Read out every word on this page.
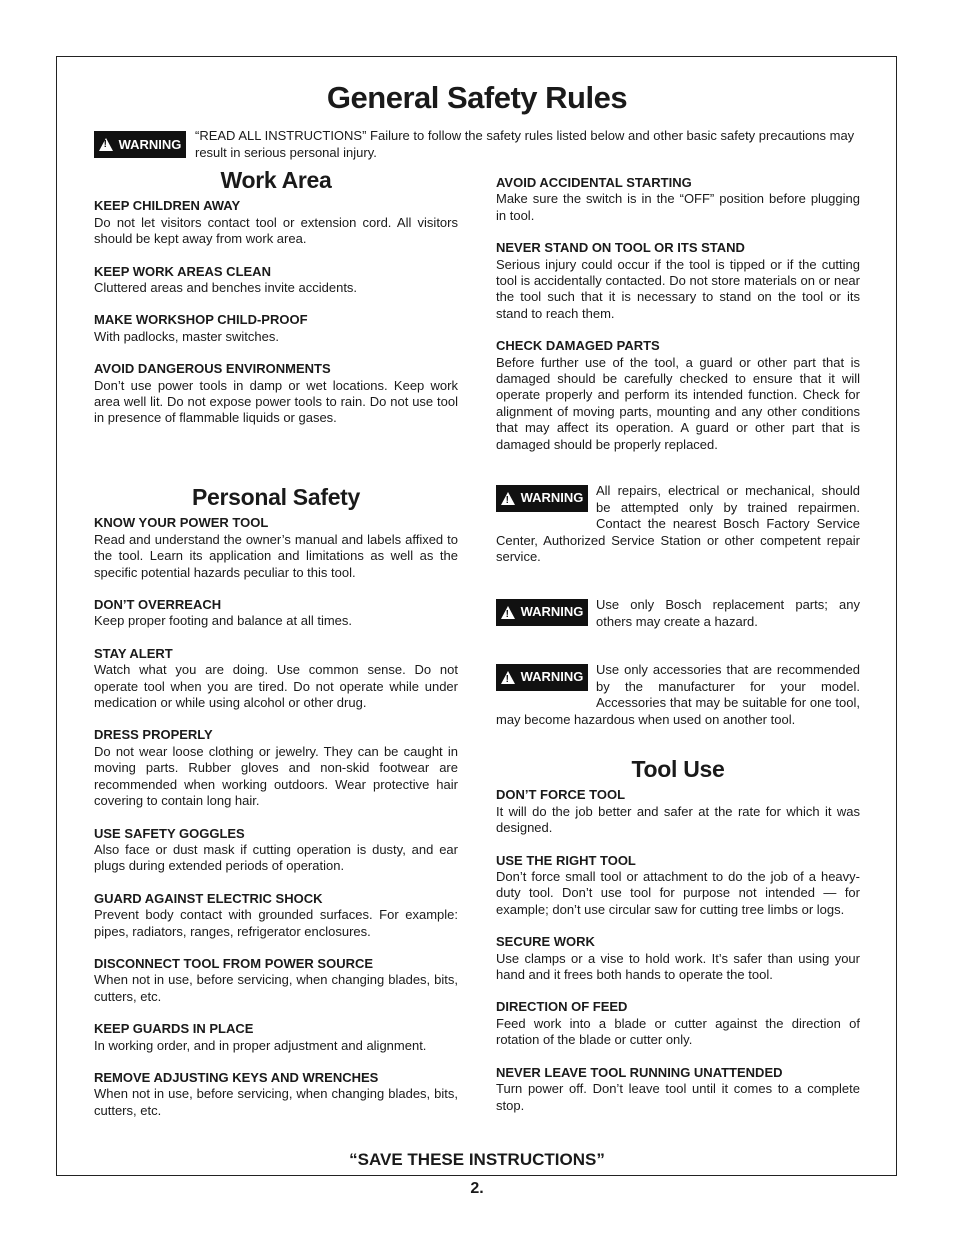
General Safety Rules
!
WARNING
“READ ALL INSTRUCTIONS” Failure to follow the safety rules listed below and other basic safety precautions may result in serious personal injury.
Work Area
KEEP CHILDREN AWAY
Do not let visitors contact tool or extension cord. All visitors should be kept away from work area.
KEEP WORK AREAS CLEAN
Cluttered areas and benches invite accidents.
MAKE WORKSHOP CHILD-PROOF
With padlocks, master switches.
AVOID DANGEROUS ENVIRONMENTS
Don’t use power tools in damp or wet locations. Keep work area well lit. Do not expose power tools to rain. Do not use tool in presence of flammable liquids or gases.
Personal Safety
KNOW YOUR POWER TOOL
Read and understand the owner’s manual and labels affixed to the tool. Learn its application and limitations as well as the specific potential hazards peculiar to this tool.
DON’T OVERREACH
Keep proper footing and balance at all times.
STAY ALERT
Watch what you are doing. Use common sense. Do not operate tool when you are tired. Do not operate while under medication or while using alcohol or other drug.
DRESS PROPERLY
Do not wear loose clothing or jewelry. They can be caught in moving parts. Rubber gloves and non-skid footwear are recommended when working outdoors. Wear protective hair covering to contain long hair.
USE SAFETY GOGGLES
Also face or dust mask if cutting operation is dusty, and ear plugs during extended periods of operation.
GUARD AGAINST ELECTRIC SHOCK
Prevent body contact with grounded surfaces. For example: pipes, radiators, ranges, refrigerator enclosures.
DISCONNECT TOOL FROM POWER SOURCE
When not in use, before servicing, when changing blades, bits, cutters, etc.
KEEP GUARDS IN PLACE
In working order, and in proper adjustment and alignment.
REMOVE ADJUSTING KEYS AND WRENCHES
When not in use, before servicing, when changing blades, bits, cutters, etc.
AVOID ACCIDENTAL STARTING
Make sure the switch is in the “OFF” position before plugging in tool.
NEVER STAND ON TOOL OR ITS STAND
Serious injury could occur if the tool is tipped or if the cutting tool is accidentally contacted. Do not store materials on or near the tool such that it is necessary to stand on the tool or its stand to reach them.
CHECK DAMAGED PARTS
Before further use of the tool, a guard or other part that is damaged should be carefully checked to ensure that it will operate properly and perform its intended function. Check for alignment of moving parts, mounting and any other conditions that may affect its operation. A guard or other part that is damaged should be properly replaced.
!
WARNING All repairs, electrical or mechanical, should be attempted only by trained repairmen. Contact the nearest Bosch Factory Service Center, Authorized Service Station or other competent repair service.
!
WARNING Use only Bosch replacement parts; any others may create a hazard.
!
WARNING Use only accessories that are recommended by the manufacturer for your model. Accessories that may be suitable for one tool, may become hazardous when used on another tool.
Tool Use
DON’T FORCE TOOL
It will do the job better and safer at the rate for which it was designed.
USE THE RIGHT TOOL
Don’t force small tool or attachment to do the job of a heavy-duty tool. Don’t use tool for purpose not intended — for example; don’t use circular saw for cutting tree limbs or logs.
SECURE WORK
Use clamps or a vise to hold work. It’s safer than using your hand and it frees both hands to operate the tool.
DIRECTION OF FEED
Feed work into a blade or cutter against the direction of rotation of the blade or cutter only.
NEVER LEAVE TOOL RUNNING UNATTENDED
Turn power off. Don’t leave tool until it comes to a complete stop.
“SAVE THESE INSTRUCTIONS”
2.
